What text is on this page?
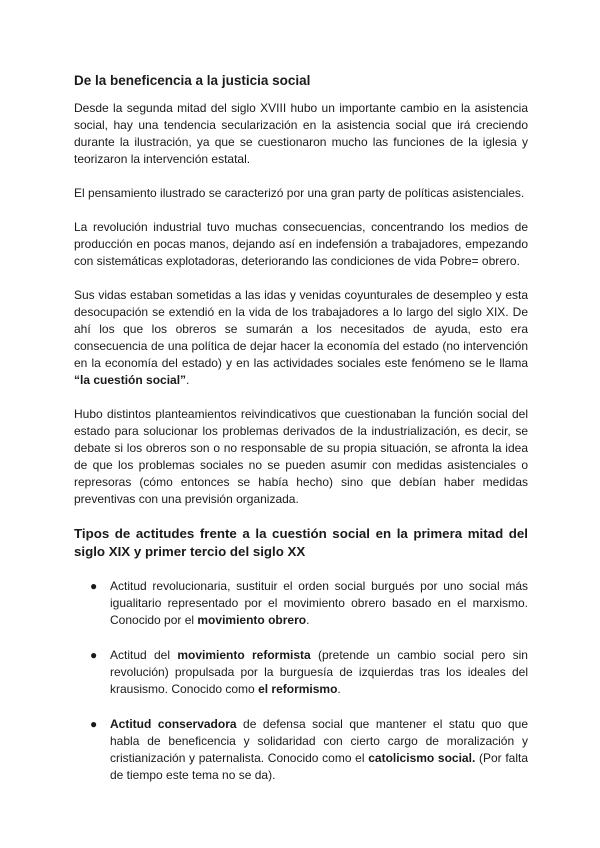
De la beneficencia a la justicia social

Desde la segunda mitad del siglo XVIII hubo un importante cambio en la asistencia social, hay una tendencia secularización en la asistencia social que irá creciendo durante la ilustración, ya que se cuestionaron mucho las funciones de la iglesia y teorizaron la intervención estatal.

El pensamiento ilustrado se caracterizó por una gran party de políticas asistenciales.

La revolución industrial tuvo muchas consecuencias, concentrando los medios de producción en pocas manos, dejando así en indefensión a trabajadores, empezando con sistemáticas explotadoras, deteriorando las condiciones de vida Pobre= obrero.

Sus vidas estaban sometidas a las idas y venidas coyunturales de desempleo y esta desocupación se extendió en la vida de los trabajadores a lo largo del siglo XIX. De ahí los que los obreros se sumarán a los necesitados de ayuda, esto era consecuencia de una política de dejar hacer la economía del estado (no intervención en la economía del estado) y en las actividades sociales este fenómeno se le llama “la cuestión social”.

Hubo distintos planteamientos reivindicativos que cuestionaban la función social del estado para solucionar los problemas derivados de la industrialización, es decir, se debate si los obreros son o no responsable de su propia situación, se afronta la idea de que los problemas sociales no se pueden asumir con medidas asistenciales o represoras (cómo entonces se había hecho) sino que debían haber medidas preventivas con una previsión organizada.

Tipos de actitudes frente a la cuestión social en la primera mitad del siglo XIX y primer tercio del siglo XX
● Actitud revolucionaria, sustituir el orden social burgués por uno social más igualitario representado por el movimiento obrero basado en el marxismo. Conocido por el movimiento obrero.
● Actitud del movimiento reformista (pretende un cambio social pero sin revolución) propulsada por la burguesía de izquierdas tras los ideales del krausismo. Conocido como el reformismo.
● Actitud conservadora de defensa social que mantener el statu quo que habla de beneficencia y solidaridad con cierto cargo de moralización y cristianización y paternalista. Conocido como el catolicismo social. (Por falta de tiempo este tema no se da).
